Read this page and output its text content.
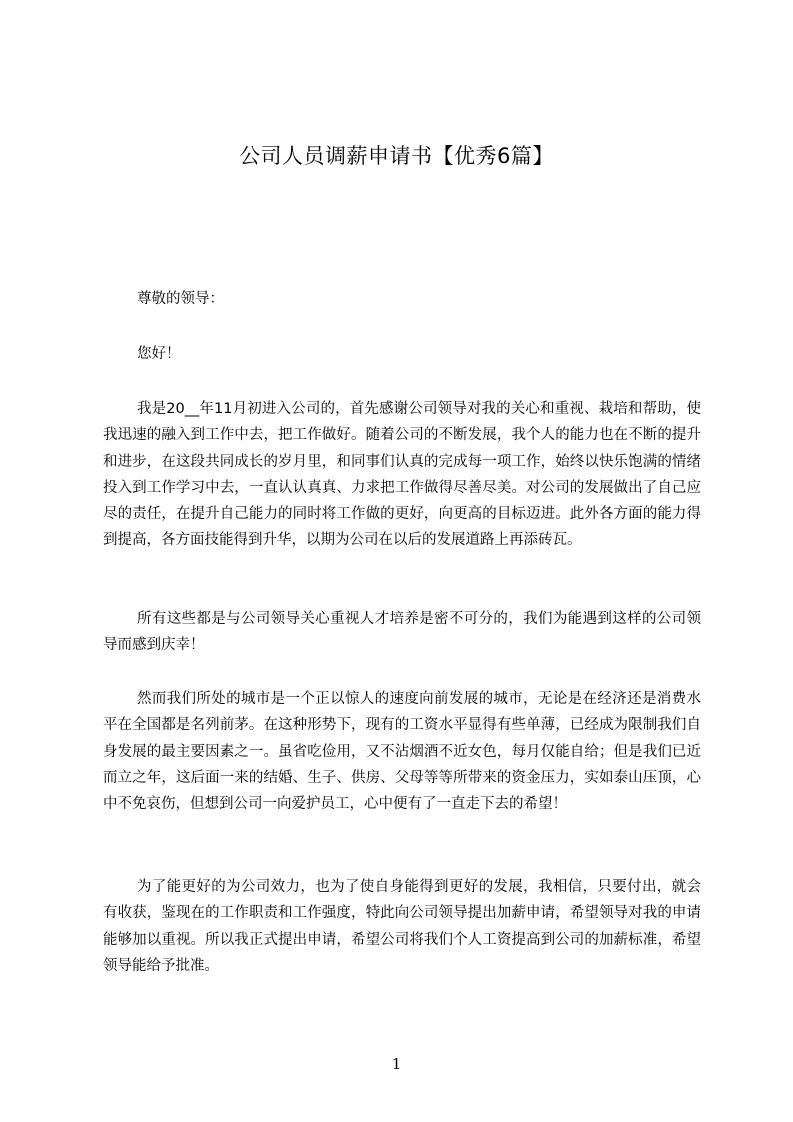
公司人员调薪申请书【优秀6篇】

尊敬的领导：

您好！

我是20__年11月初进入公司的，首先感谢公司领导对我的关心和重视、栽培和帮助，使我迅速的融入到工作中去，把工作做好。随着公司的不断发展，我个人的能力也在不断的提升和进步，在这段共同成长的岁月里，和同事们认真的完成每一项工作，始终以快乐饱满的情绪投入到工作学习中去，一直认认真真、力求把工作做得尽善尽美。对公司的发展做出了自己应尽的责任，在提升自己能力的同时将工作做的更好，向更高的目标迈进。此外各方面的能力得到提高，各方面技能得到升华，以期为公司在以后的发展道路上再添砖瓦。

所有这些都是与公司领导关心重视人才培养是密不可分的，我们为能遇到这样的公司领导而感到庆幸！

然而我们所处的城市是一个正以惊人的速度向前发展的城市，无论是在经济还是消费水平在全国都是名列前茅。在这种形势下，现有的工资水平显得有些单薄，已经成为限制我们自身发展的最主要因素之一。虽省吃俭用，又不沾烟酒不近女色，每月仅能自给；但是我们已近而立之年，这后面一来的结婚、生子、供房、父母等等所带来的资金压力，实如泰山压顶，心中不免哀伤，但想到公司一向爱护员工，心中便有了一直走下去的希望！

为了能更好的为公司效力，也为了使自身能得到更好的发展，我相信，只要付出，就会有收获，鉴现在的工作职责和工作强度，特此向公司领导提出加薪申请，希望领导对我的申请能够加以重视。所以我正式提出申请，希望公司将我们个人工资提高到公司的加薪标准，希望领导能给予批准。

1
